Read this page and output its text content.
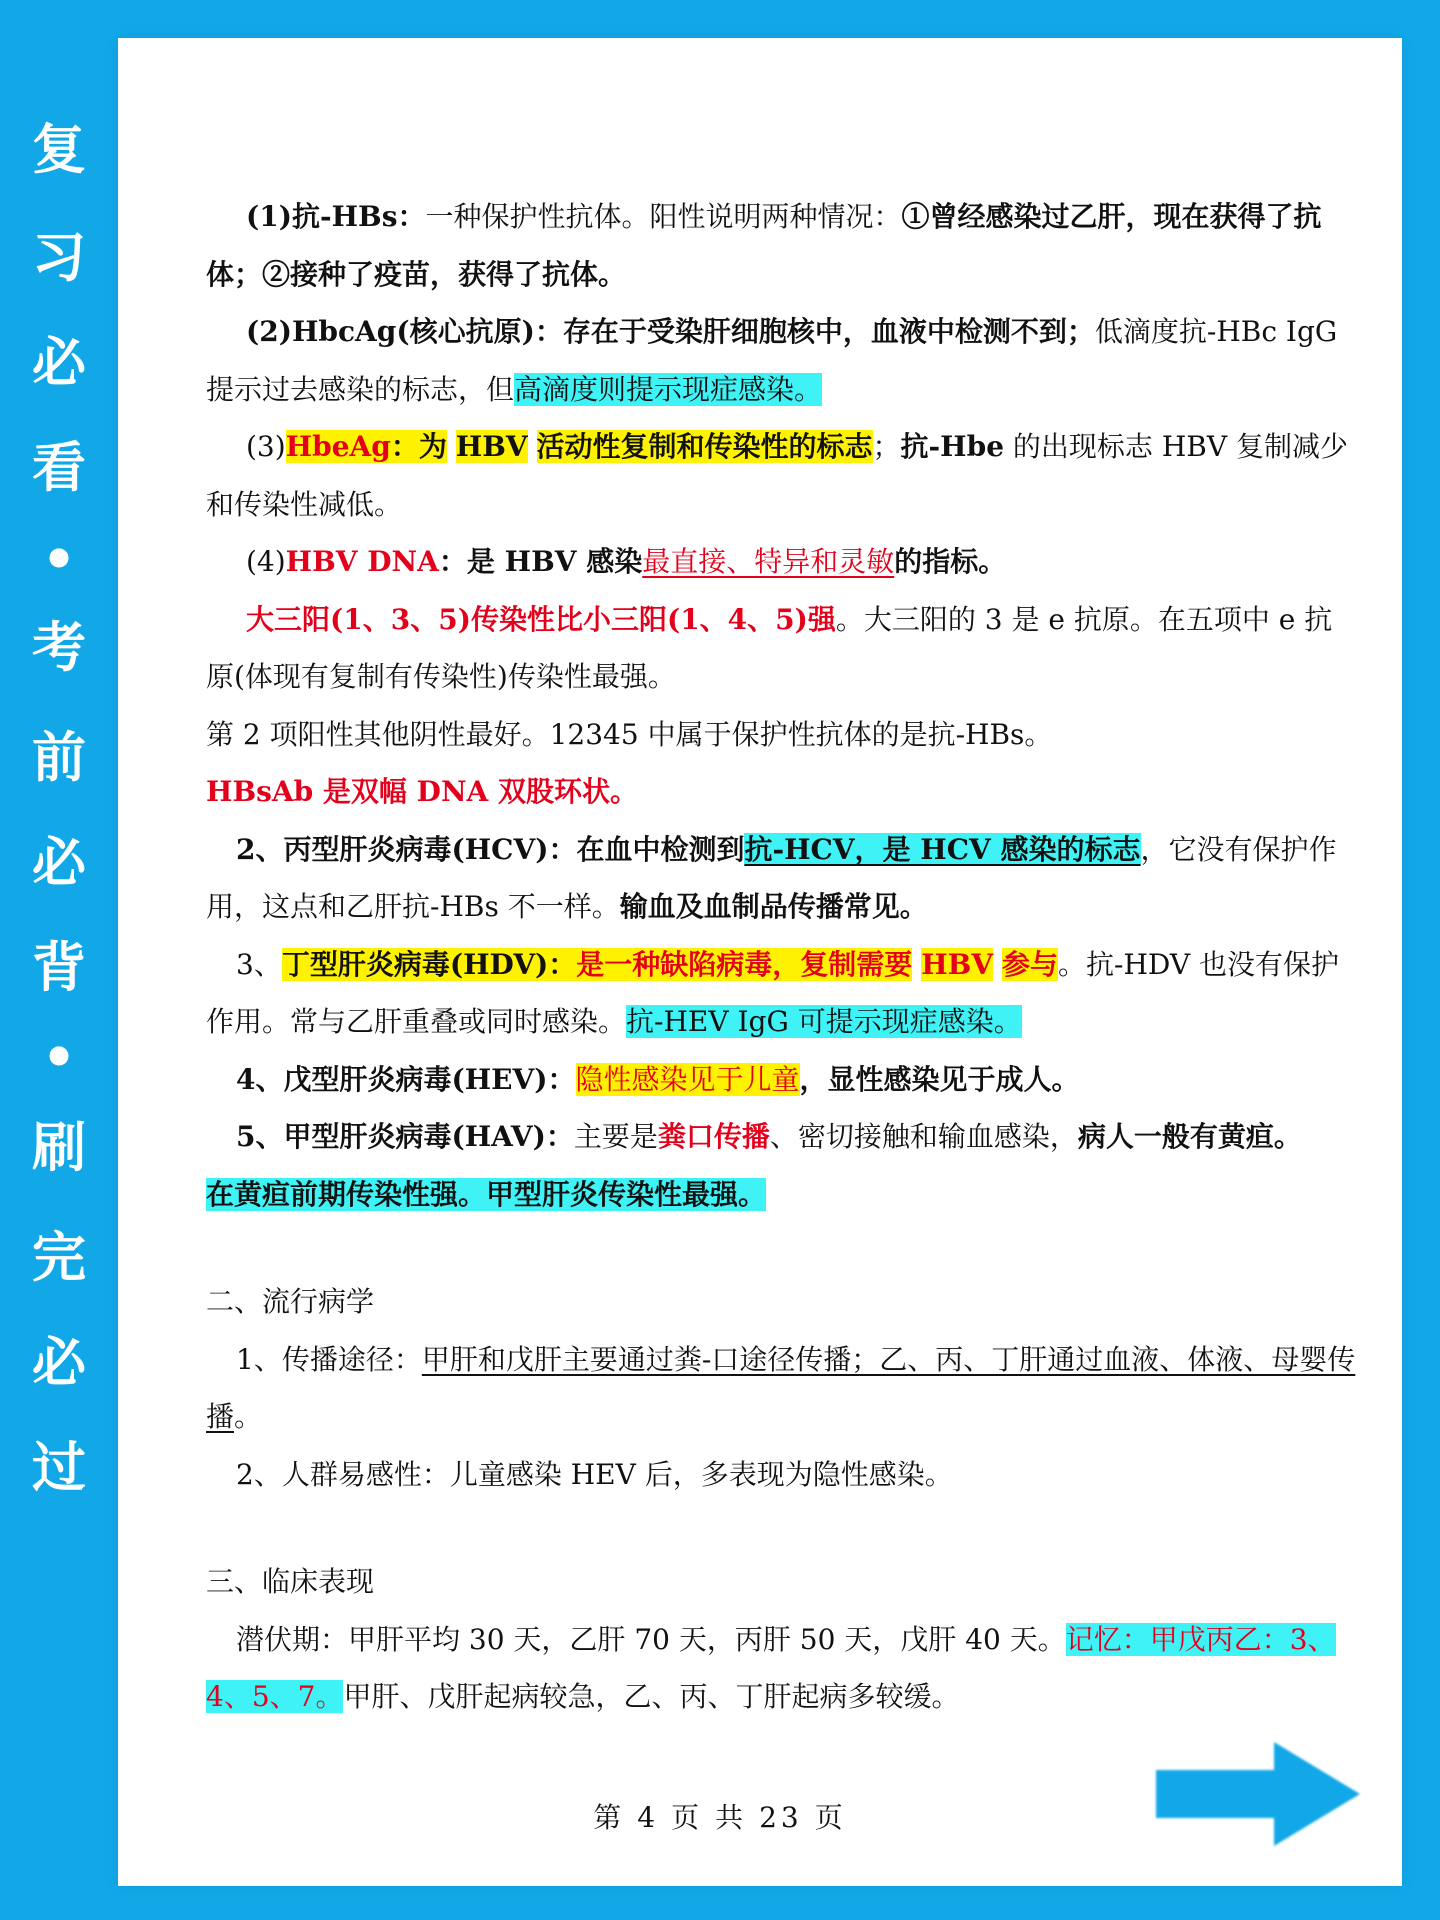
复
习
必
看
•
考
前
必
背
•
刷
完
必
过

(1)抗-HBs：一种保护性抗体。阳性说明两种情况：①曾经感染过乙肝，现在获得了抗体；②接种了疫苗，获得了抗体。

(2)HbcAg(核心抗原)：存在于受染肝细胞核中，血液中检测不到；低滴度抗-HBc IgG 提示过去感染的标志，但高滴度则提示现症感染。

(3)HbeAg：为 HBV 活动性复制和传染性的标志；抗-Hbe 的出现标志 HBV 复制减少和传染性减低。

(4)HBV DNA：是 HBV 感染最直接、特异和灵敏的指标。

大三阳(1、3、5)传染性比小三阳(1、4、5)强。大三阳的 3 是 e 抗原。在五项中 e 抗原(体现有复制有传染性)传染性最强。

第 2 项阳性其他阴性最好。12345 中属于保护性抗体的是抗-HBs。

HBsAb 是双幅 DNA 双股环状。

2、丙型肝炎病毒(HCV)：在血中检测到抗-HCV，是 HCV 感染的标志，它没有保护作用，这点和乙肝抗-HBs 不一样。输血及血制品传播常见。

3、丁型肝炎病毒(HDV)：是一种缺陷病毒，复制需要 HBV 参与。抗-HDV 也没有保护作用。常与乙肝重叠或同时感染。抗-HEV IgG 可提示现症感染。

4、戊型肝炎病毒(HEV)：隐性感染见于儿童，显性感染见于成人。

5、甲型肝炎病毒(HAV)：主要是粪口传播、密切接触和输血感染，病人一般有黄疸。
在黄疸前期传染性强。甲型肝炎传染性最强。

二、流行病学

1、传播途径：甲肝和戊肝主要通过粪-口途径传播；乙、丙、丁肝通过血液、体液、母婴传播。

2、人群易感性：儿童感染 HEV 后，多表现为隐性感染。

三、临床表现

潜伏期：甲肝平均 30 天，乙肝 70 天，丙肝 50 天，戊肝 40 天。记忆：甲戊丙乙：3、4、5、7。甲肝、戊肝起病较急，乙、丙、丁肝起病多较缓。

第 4 页 共 23 页
